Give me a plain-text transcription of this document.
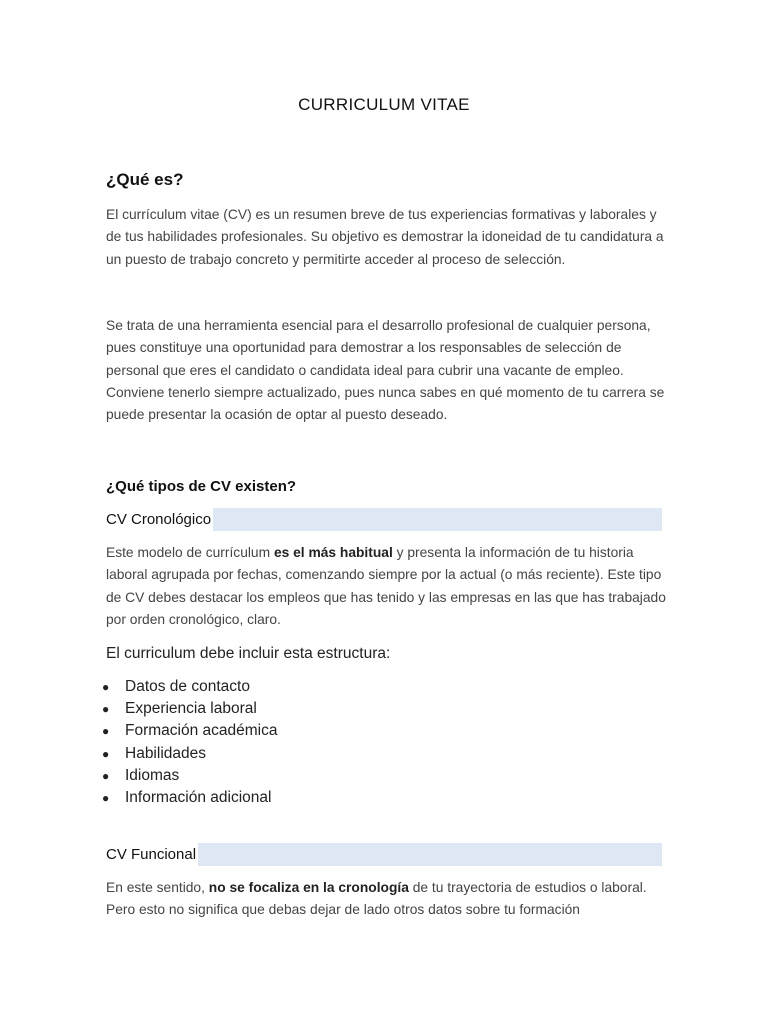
CURRICULUM VITAE
¿Qué es?

El currículum vitae (CV) es un resumen breve de tus experiencias formativas y laborales y de tus habilidades profesionales. Su objetivo es demostrar la idoneidad de tu candidatura a un puesto de trabajo concreto y permitirte acceder al proceso de selección.

Se trata de una herramienta esencial para el desarrollo profesional de cualquier persona, pues constituye una oportunidad para demostrar a los responsables de selección de personal que eres el candidato o candidata ideal para cubrir una vacante de empleo. Conviene tenerlo siempre actualizado, pues nunca sabes en qué momento de tu carrera se puede presentar la ocasión de optar al puesto deseado.

¿Qué tipos de CV existen?
CV Cronológico

Este modelo de currículum es el más habitual y presenta la información de tu historia laboral agrupada por fechas, comenzando siempre por la actual (o más reciente). Este tipo de CV debes destacar los empleos que has tenido y las empresas en las que has trabajado por orden cronológico, claro.

El curriculum debe incluir esta estructura:

● Datos de contacto
● Experiencia laboral
● Formación académica
● Habilidades
● Idiomas
● Información adicional
CV Funcional

En este sentido, no se focaliza en la cronología de tu trayectoria de estudios o laboral. Pero esto no significa que debas dejar de lado otros datos sobre tu formación
